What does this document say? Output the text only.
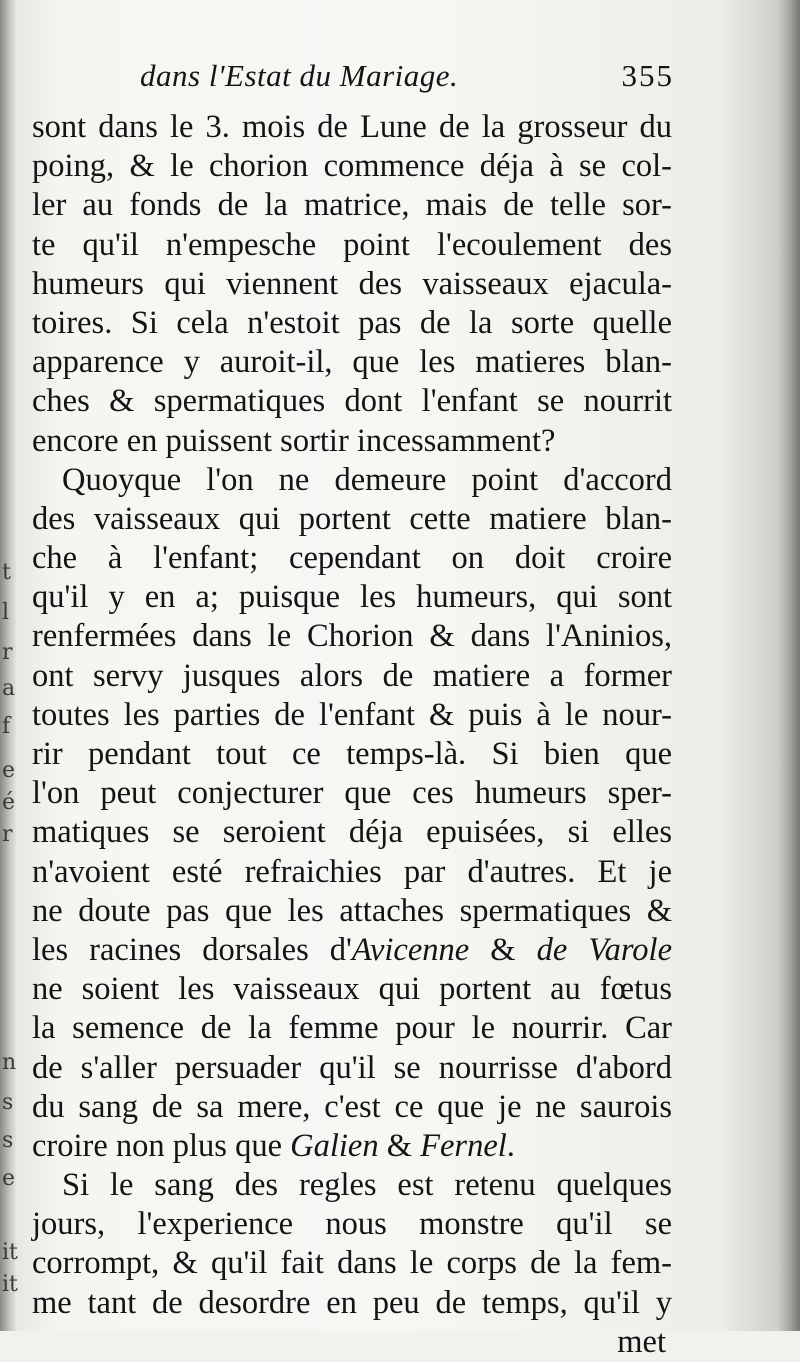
t
l
r
a
f
e
é
r
n
s
s
e
it
it
dans l'Estat du Mariage.	355
sont dans le 3. mois de Lune de la grosseur du
poing, & le chorion commence déja à se col-
ler au fonds de la matrice, mais de telle sor-
te qu'il n'empesche point l'ecoulement des
humeurs qui viennent des vaisseaux ejacula-
toires. Si cela n'estoit pas de la sorte quelle
apparence y auroit-il, que les matieres blan-
ches & spermatiques dont l'enfant se nourrit
encore en puissent sortir incessamment?
Quoyque l'on ne demeure point d'accord
des vaisseaux qui portent cette matiere blan-
che à l'enfant; cependant on doit croire
qu'il y en a; puisque les humeurs, qui sont
renfermées dans le Chorion & dans l'Aninios,
ont servy jusques alors de matiere a former
toutes les parties de l'enfant & puis à le nour-
rir pendant tout ce temps-là. Si bien que
l'on peut conjecturer que ces humeurs sper-
matiques se seroient déja epuisées, si elles
n'avoient esté refraichies par d'autres. Et je
ne doute pas que les attaches spermatiques &
les racines dorsales d'Avicenne & de Varole
ne soient les vaisseaux qui portent au fœtus
la semence de la femme pour le nourrir. Car
de s'aller persuader qu'il se nourrisse d'abord
du sang de sa mere, c'est ce que je ne saurois
croire non plus que Galien & Fernel.
Si le sang des regles est retenu quelques
jours, l'experience nous monstre qu'il se
corrompt, & qu'il fait dans le corps de la fem-
me tant de desordre en peu de temps, qu'il y
met
